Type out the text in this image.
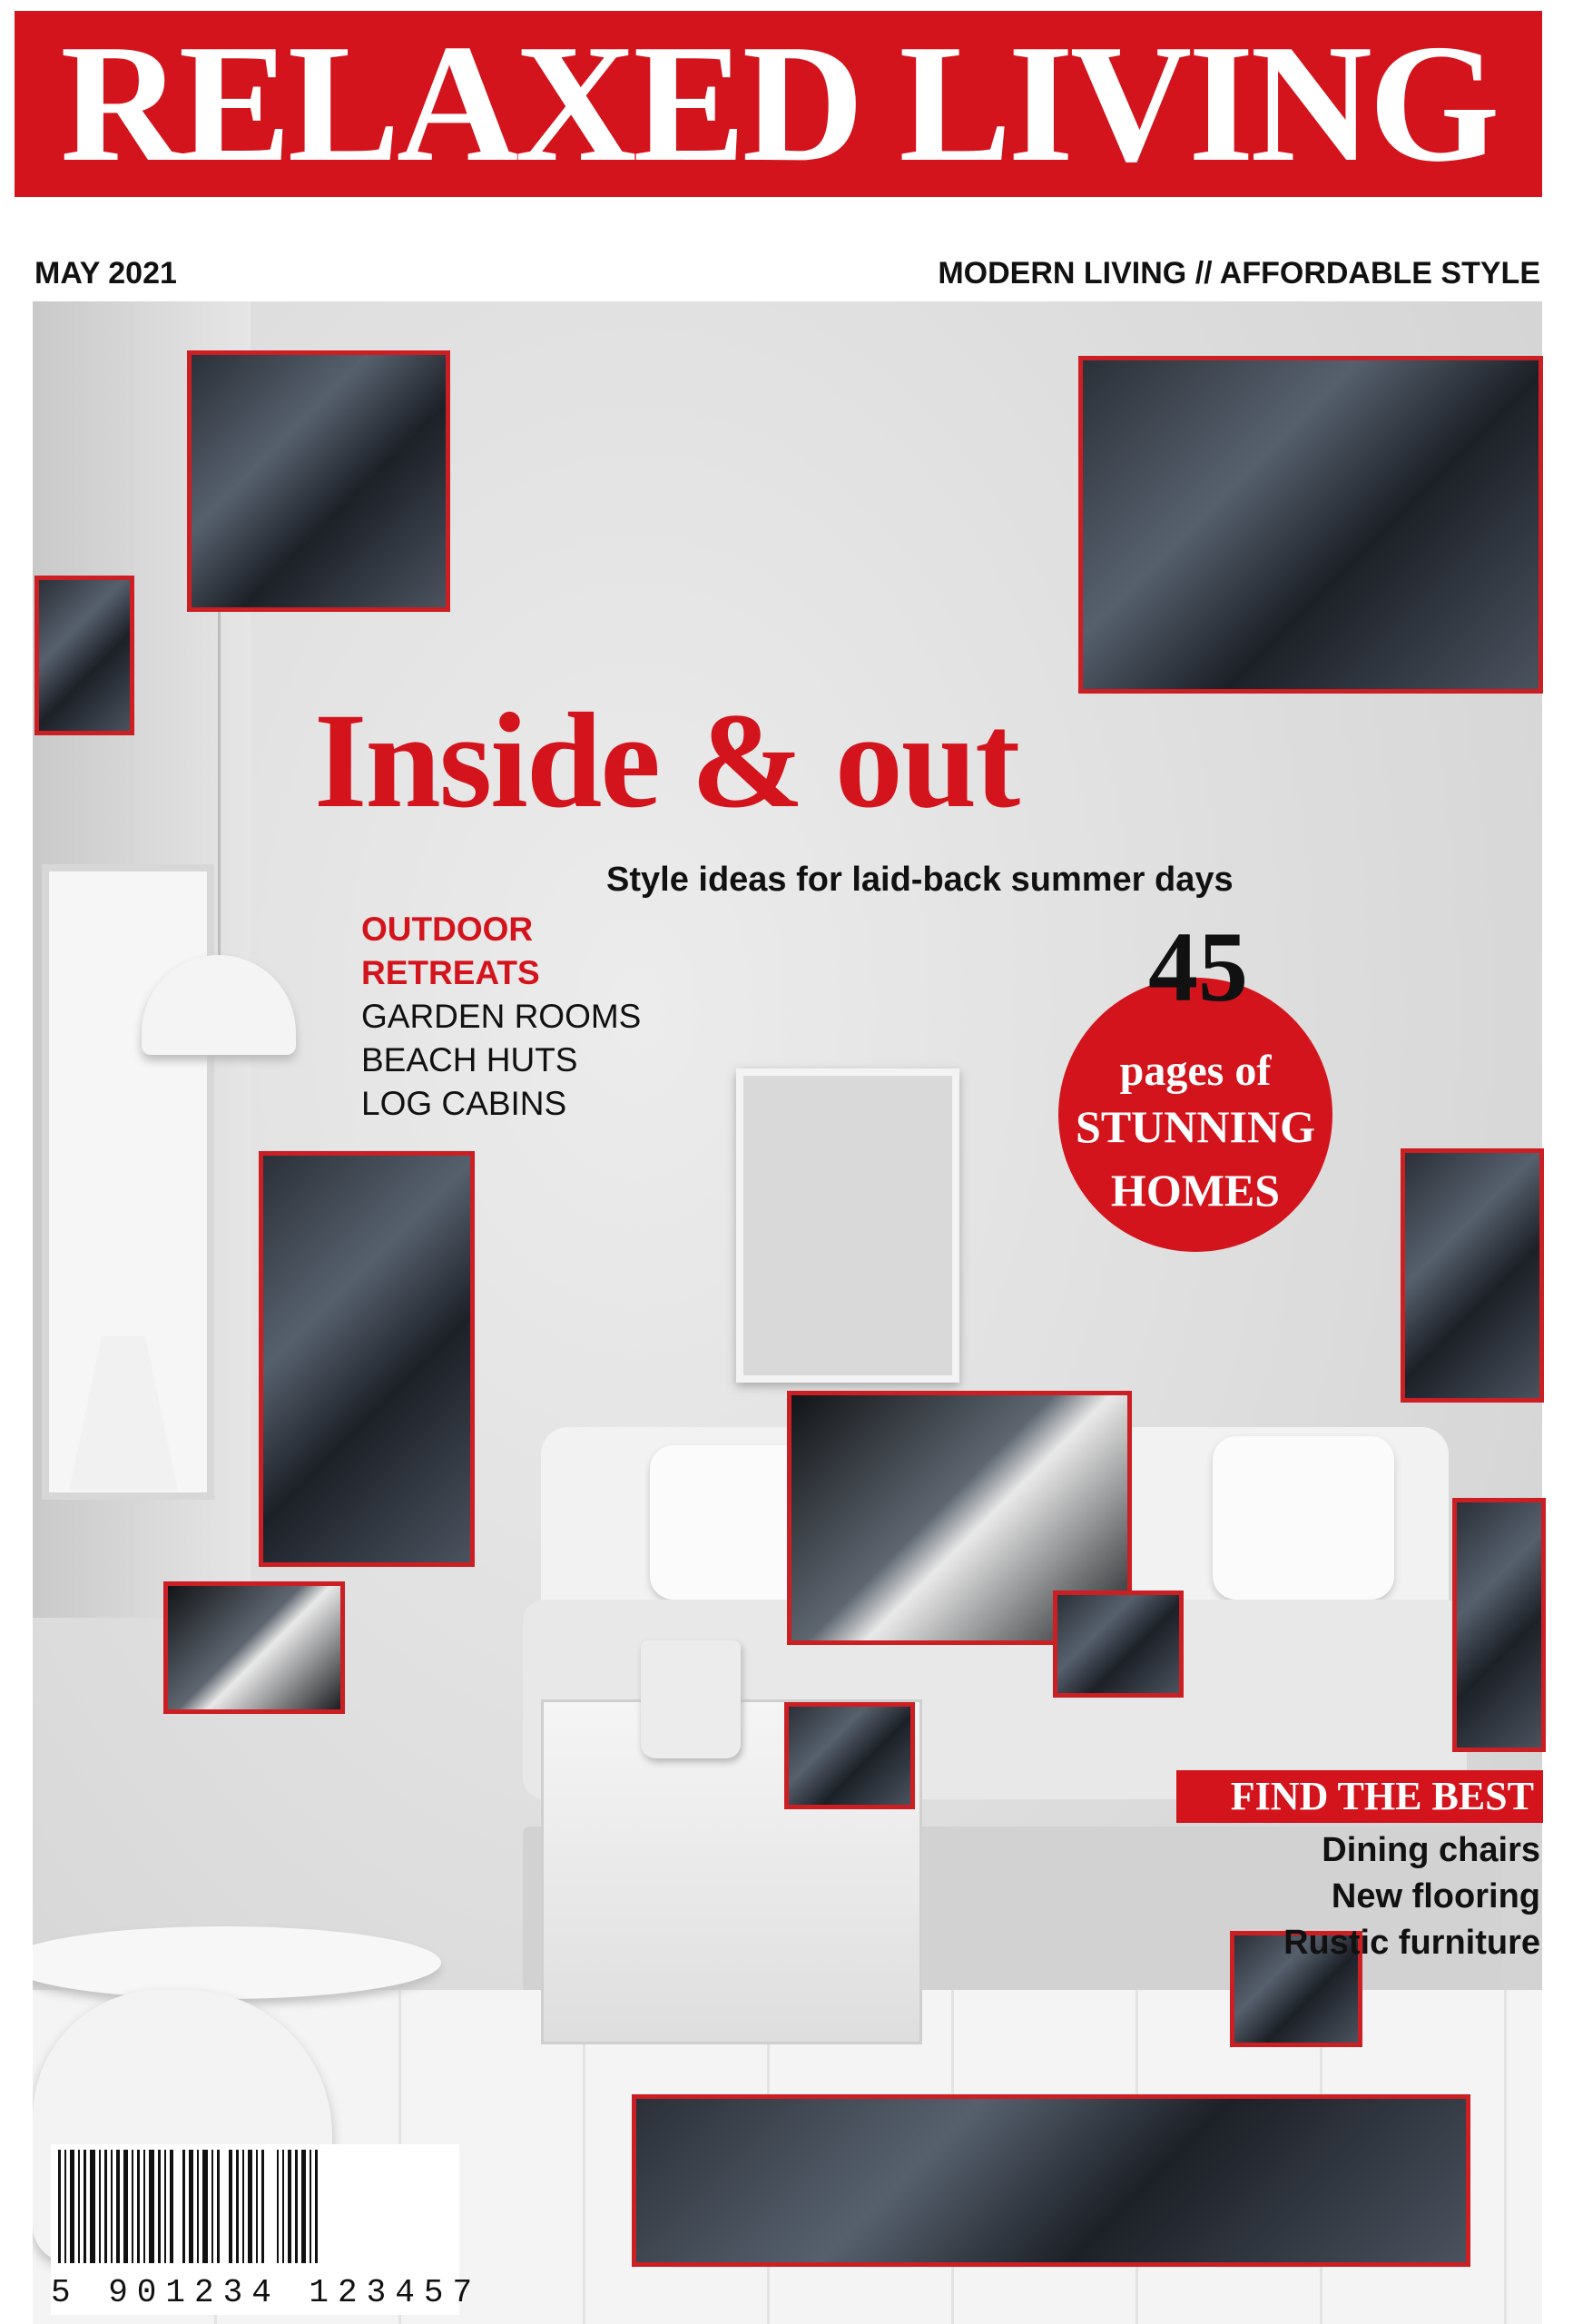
RELAXED LIVING
MAY 2021	MODERN LIVING // AFFORDABLE STYLE
Inside & out
Style ideas for laid-back summer days
OUTDOOR
RETREATS
GARDEN ROOMS
BEACH HUTS
LOG CABINS
pages of
STUNNING
HOMES
45
FIND THE BEST
Dining chairs
New flooring
Rustic furniture
5 901234 123457
